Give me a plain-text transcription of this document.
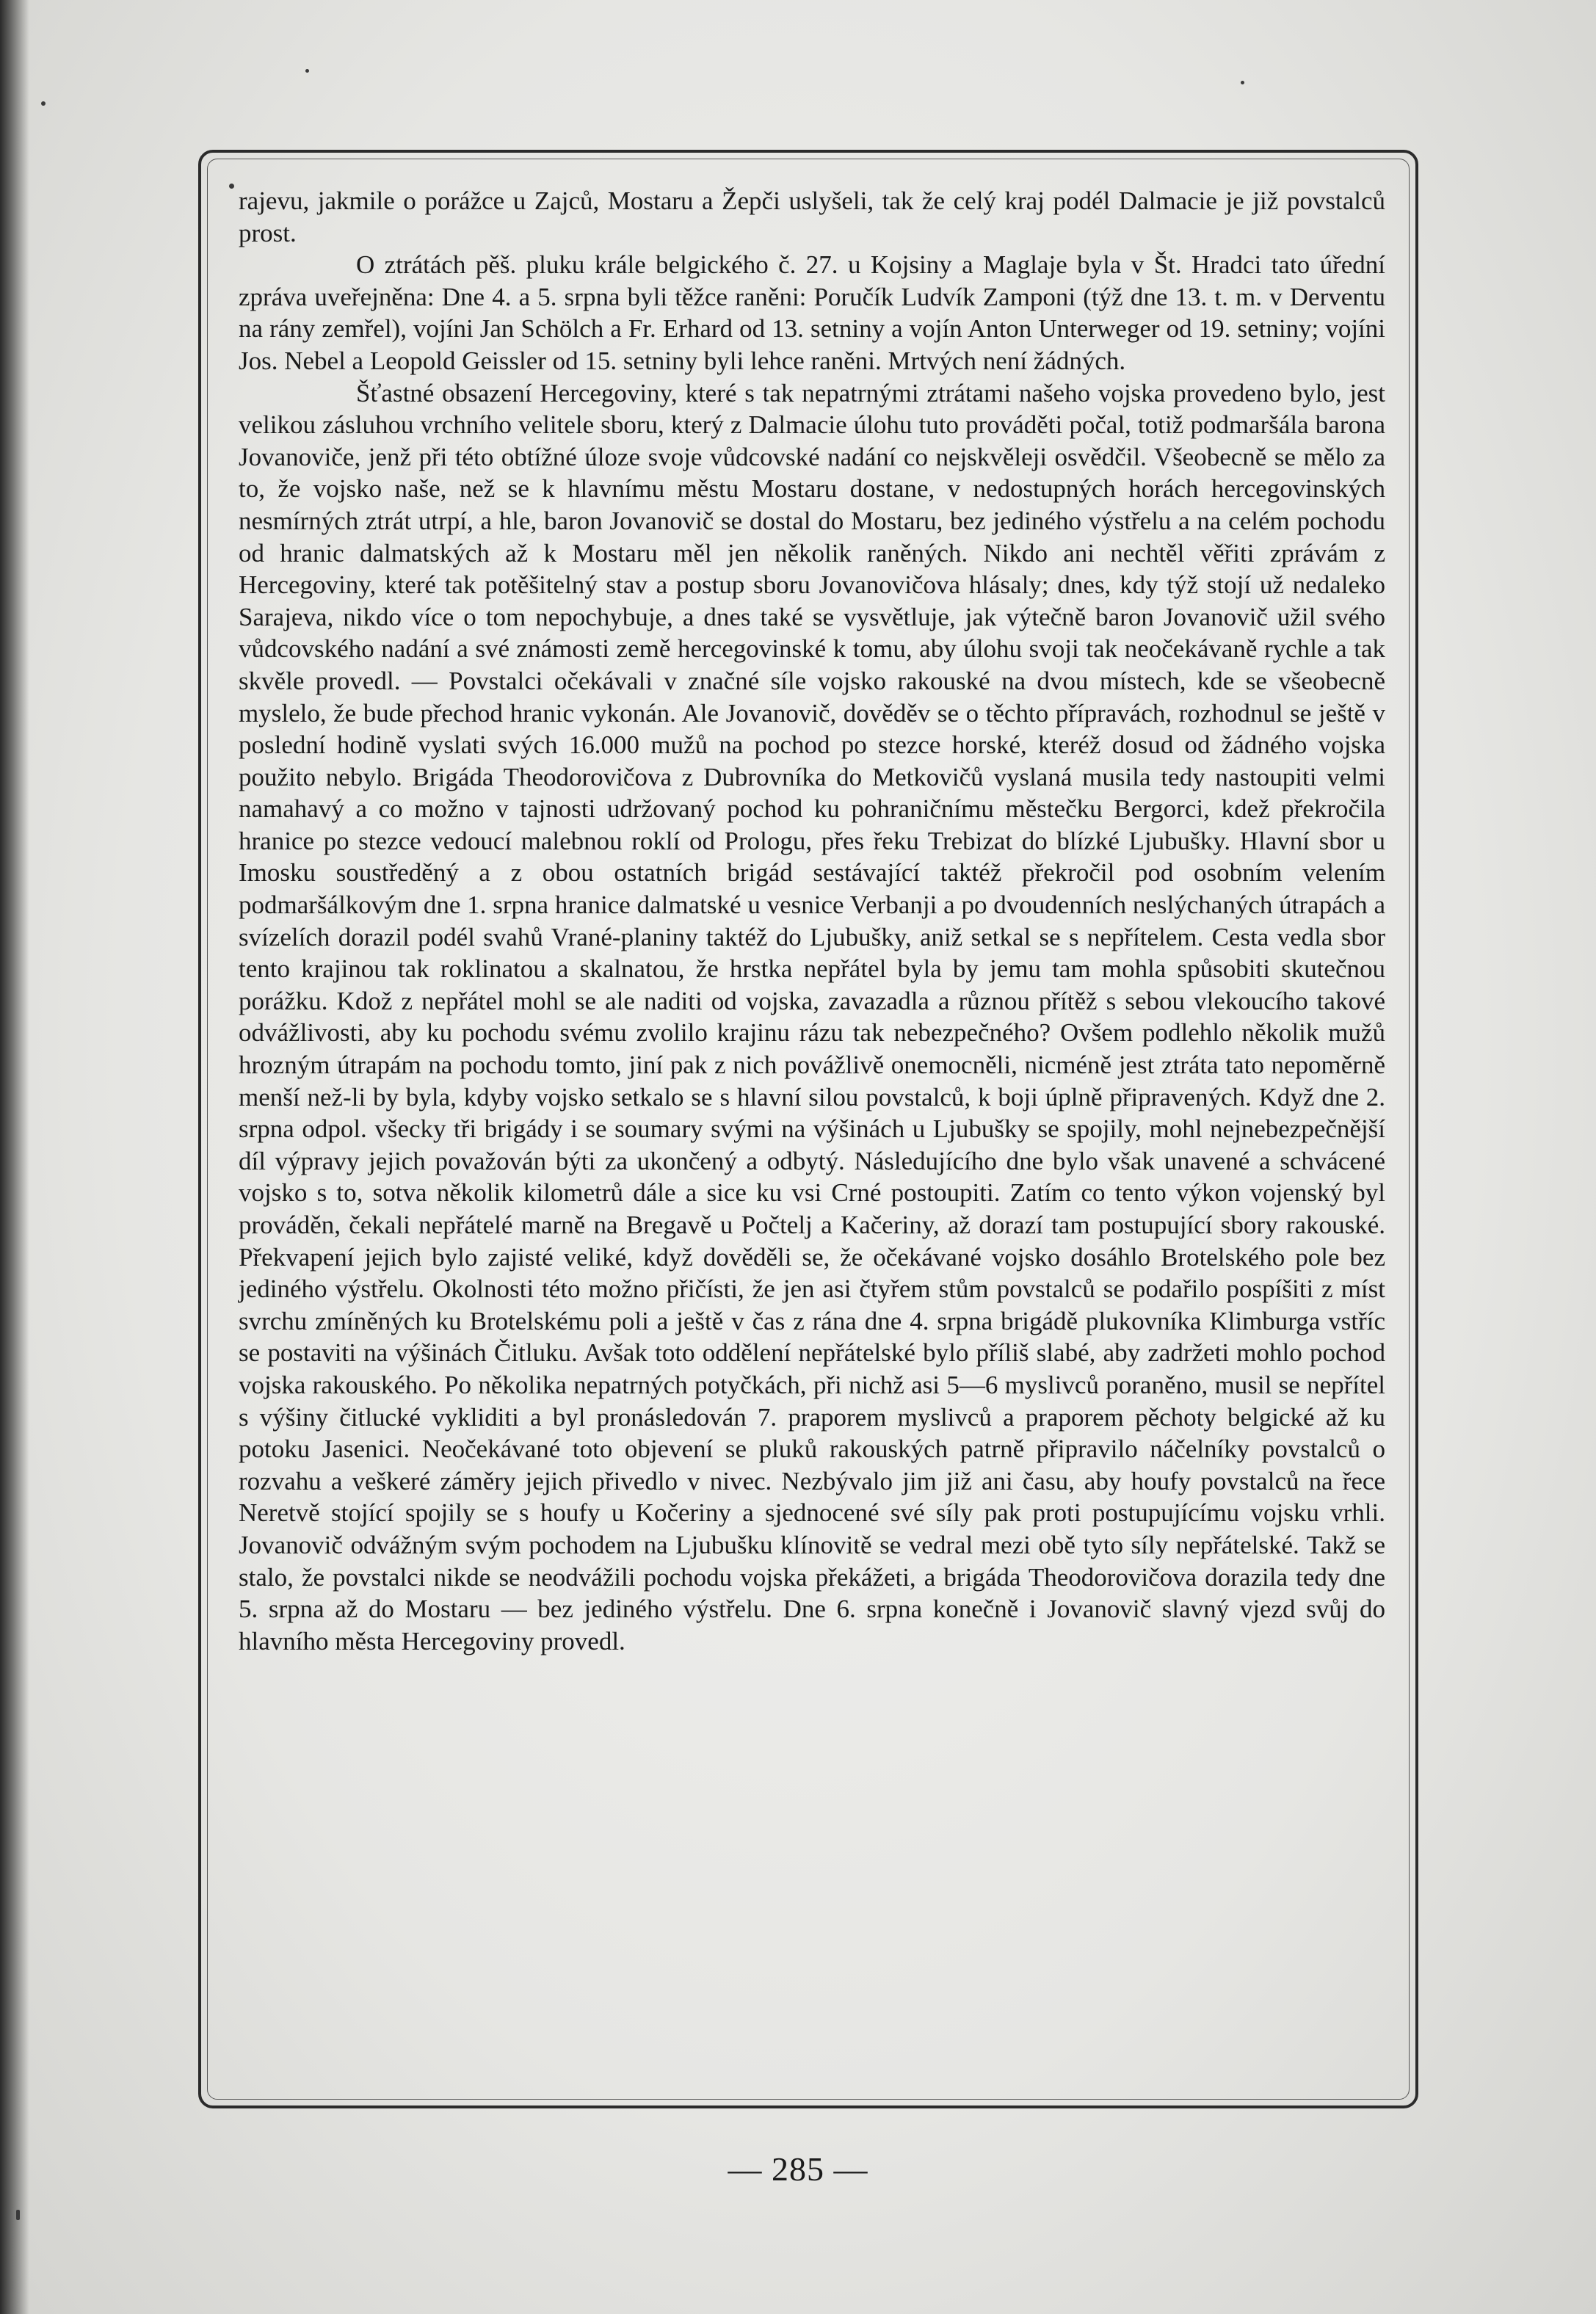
rajevu, jakmile o porážce u Zajců, Mostaru a Žepči uslyšeli, tak že celý kraj podél Dalmacie je již povstalců prost.

O ztrátách pěš. pluku krále belgického č. 27. u Kojsiny a Maglaje byla v Št. Hradci tato úřední zpráva uveřejněna: Dne 4. a 5. srpna byli těžce raněni: Poručík Ludvík Zamponi (týž dne 13. t. m. v Derventu na rány zemřel), vojíni Jan Schölch a Fr. Erhard od 13. setniny a vojín Anton Unterweger od 19. setniny; vojíni Jos. Nebel a Leopold Geissler od 15. setniny byli lehce raněni. Mrtvých není žádných.

Šťastné obsazení Hercegoviny, které s tak nepatrnými ztrátami našeho vojska provedeno bylo, jest velikou zásluhou vrchního velitele sboru, který z Dalmacie úlohu tuto prováděti počal, totiž podmaršála barona Jovanoviče, jenž při této obtížné úloze svoje vůdcovské nadání co nejskvěleji osvědčil. Všeobecně se mělo za to, že vojsko naše, než se k hlavnímu městu Mostaru dostane, v nedostupných horách hercegovinských nesmírných ztrát utrpí, a hle, baron Jovanovič se dostal do Mostaru, bez jediného výstřelu a na celém pochodu od hranic dalmatských až k Mostaru měl jen několik raněných. Nikdo ani nechtěl věřiti zprávám z Hercegoviny, které tak potěšitelný stav a postup sboru Jovanovičova hlásaly; dnes, kdy týž stojí už nedaleko Sarajeva, nikdo více o tom nepochybuje, a dnes také se vysvětluje, jak výtečně baron Jovanovič užil svého vůdcovského nadání a své známosti země hercegovinské k tomu, aby úlohu svoji tak neočekávaně rychle a tak skvěle provedl. — Povstalci očekávali v značné síle vojsko rakouské na dvou místech, kde se všeobecně myslelo, že bude přechod hranic vykonán. Ale Jovanovič, dověděv se o těchto přípravách, rozhodnul se ještě v poslední hodině vyslati svých 16.000 mužů na pochod po stezce horské, kteréž dosud od žádného vojska použito nebylo. Brigáda Theodorovičova z Dubrovníka do Metkovičů vyslaná musila tedy nastoupiti velmi namahavý a co možno v tajnosti udržovaný pochod ku pohraničnímu městečku Bergorci, kdež překročila hranice po stezce vedoucí malebnou roklí od Prologu, přes řeku Trebizat do blízké Ljubušky. Hlavní sbor u Imosku soustředěný a z obou ostatních brigád sestávající taktéž překročil pod osobním velením podmaršálkovým dne 1. srpna hranice dalmatské u vesnice Verbanji a po dvoudenních neslýchaných útrapách a svízelích dorazil podél svahů Vrané-planiny taktéž do Ljubušky, aniž setkal se s nepřítelem. Cesta vedla sbor tento krajinou tak roklinatou a skalnatou, že hrstka nepřátel byla by jemu tam mohla spůsobiti skutečnou porážku. Kdož z nepřátel mohl se ale naditi od vojska, zavazadla a různou přítěž s sebou vlekoucího takové odvážlivosti, aby ku pochodu svému zvolilo krajinu rázu tak nebezpečného? Ovšem podlehlo několik mužů hrozným útrapám na pochodu tomto, jiní pak z nich povážlivě onemocněli, nicméně jest ztráta tato nepoměrně menší než-li by byla, kdyby vojsko setkalo se s hlavní silou povstalců, k boji úplně připravených. Když dne 2. srpna odpol. všecky tři brigády i se soumary svými na výšinách u Ljubušky se spojily, mohl nejnebezpečnější díl výpravy jejich považován býti za ukončený a odbytý. Následujícího dne bylo však unavené a schvácené vojsko s to, sotva několik kilometrů dále a sice ku vsi Crné postoupiti. Zatím co tento výkon vojenský byl prováděn, čekali nepřátelé marně na Bregavě u Počtelj a Kačeriny, až dorazí tam postupující sbory rakouské. Překvapení jejich bylo zajisté veliké, když dověděli se, že očekávané vojsko dosáhlo Brotelského pole bez jediného výstřelu. Okolnosti této možno přičísti, že jen asi čtyřem stům povstalců se podařilo pospíšiti z míst svrchu zmíněných ku Brotelskému poli a ještě v čas z rána dne 4. srpna brigádě plukovníka Klimburga vstříc se postaviti na výšinách Čitluku. Avšak toto oddělení nepřátelské bylo příliš slabé, aby zadržeti mohlo pochod vojska rakouského. Po několika nepatrných potyčkách, při nichž asi 5—6 myslivců poraněno, musil se nepřítel s výšiny čitlucké vykliditi a byl pronásledován 7. praporem myslivců a praporem pěchoty belgické až ku potoku Jasenici. Neočekávané toto objevení se pluků rakouských patrně připravilo náčelníky povstalců o rozvahu a veškeré záměry jejich přivedlo v nivec. Nezbývalo jim již ani času, aby houfy povstalců na řece Neretvě stojící spojily se s houfy u Kočeriny a sjednocené své síly pak proti postupujícímu vojsku vrhli. Jovanovič odvážným svým pochodem na Ljubušku klínovitě se vedral mezi obě tyto síly nepřátelské. Takž se stalo, že povstalci nikde se neodvážili pochodu vojska překážeti, a brigáda Theodorovičova dorazila tedy dne 5. srpna až do Mostaru — bez jediného výstřelu. Dne 6. srpna konečně i Jovanovič slavný vjezd svůj do hlavního města Hercegoviny provedl.

— 285 —
